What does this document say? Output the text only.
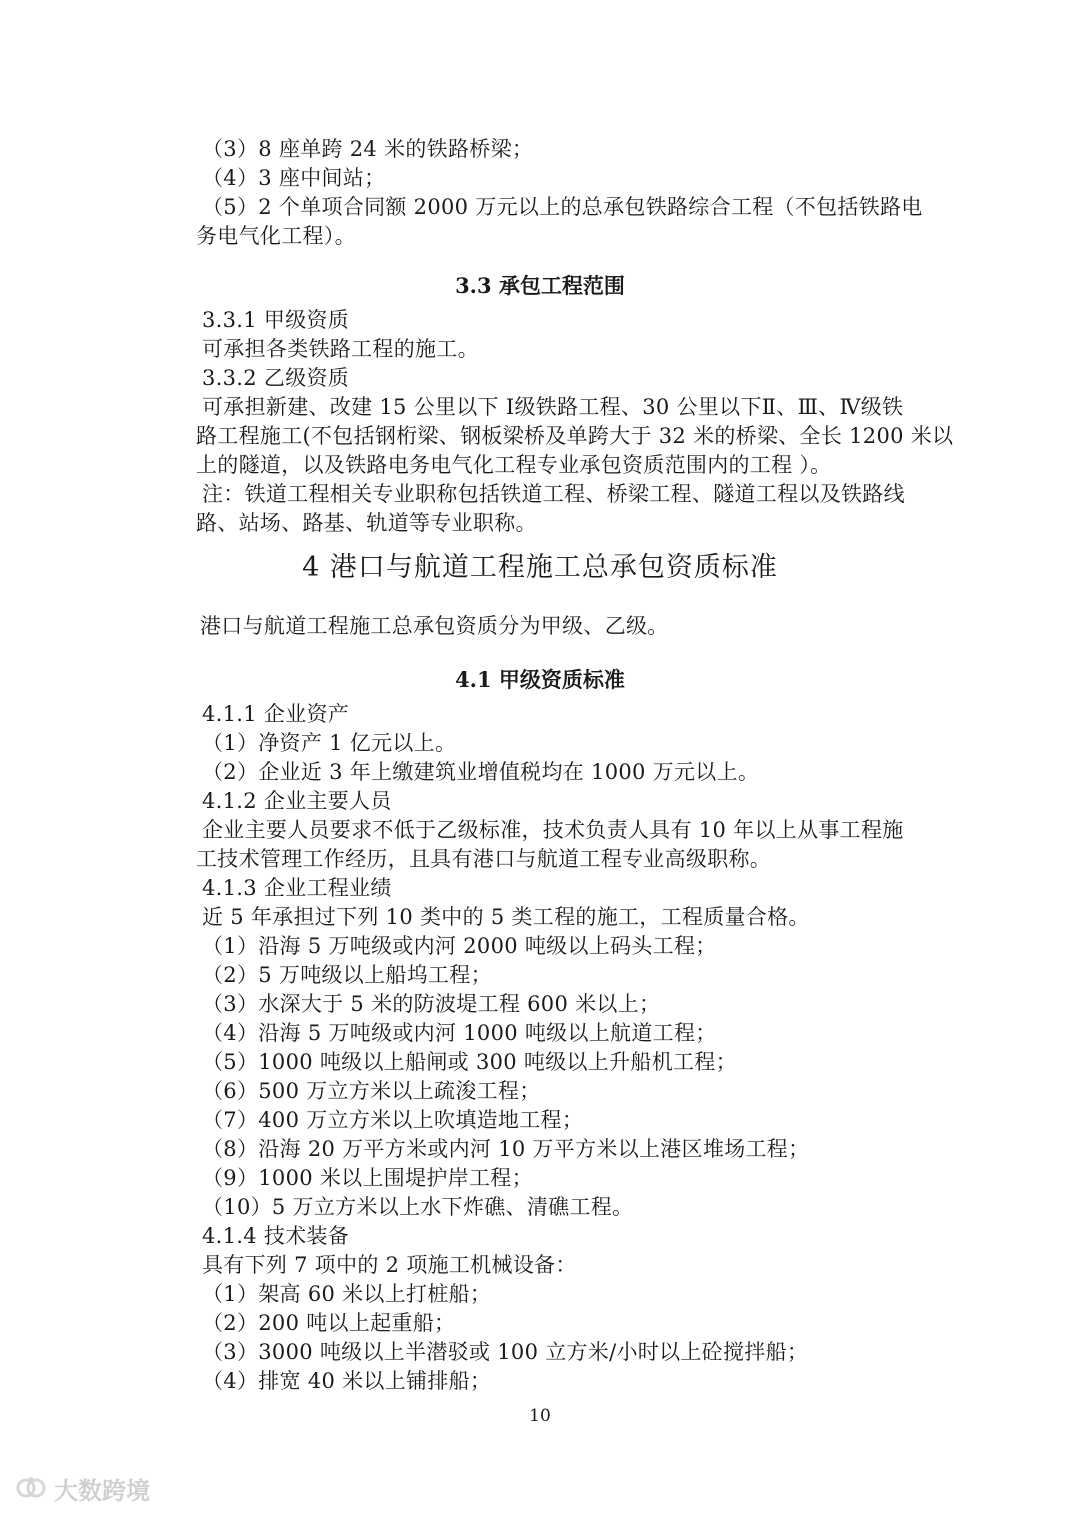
（3）8 座单跨 24 米的铁路桥梁；
（4）3 座中间站；
（5）2 个单项合同额 2000 万元以上的总承包铁路综合工程（不包括铁路电
务电气化工程）。
3.3 承包工程范围
3.3.1 甲级资质
可承担各类铁路工程的施工。
3.3.2 乙级资质
可承担新建、改建 15 公里以下 Ⅰ级铁路工程、30 公里以下Ⅱ、Ⅲ、Ⅳ级铁
路工程施工(不包括钢桁梁、钢板梁桥及单跨大于 32 米的桥梁、全长 1200 米以
上的隧道，以及铁路电务电气化工程专业承包资质范围内的工程 ）。
注：铁道工程相关专业职称包括铁道工程、桥梁工程、隧道工程以及铁路线
路、站场、路基、轨道等专业职称。
4 港口与航道工程施工总承包资质标准
港口与航道工程施工总承包资质分为甲级、乙级。
4.1 甲级资质标准
4.1.1 企业资产
（1）净资产 1 亿元以上。
（2）企业近 3 年上缴建筑业增值税均在 1000 万元以上。
4.1.2 企业主要人员
企业主要人员要求不低于乙级标准，技术负责人具有 10 年以上从事工程施
工技术管理工作经历，且具有港口与航道工程专业高级职称。
4.1.3 企业工程业绩
近 5 年承担过下列 10 类中的 5 类工程的施工，工程质量合格。
（1）沿海 5 万吨级或内河 2000 吨级以上码头工程；
（2）5 万吨级以上船坞工程；
（3）水深大于 5 米的防波堤工程 600 米以上；
（4）沿海 5 万吨级或内河 1000 吨级以上航道工程；
（5）1000 吨级以上船闸或 300 吨级以上升船机工程；
（6）500 万立方米以上疏浚工程；
（7）400 万立方米以上吹填造地工程；
（8）沿海 20 万平方米或内河 10 万平方米以上港区堆场工程；
（9）1000 米以上围堤护岸工程；
（10）5 万立方米以上水下炸礁、清礁工程。
4.1.4 技术装备
具有下列 7 项中的 2 项施工机械设备：
（1）架高 60 米以上打桩船；
（2）200 吨以上起重船；
（3）3000 吨级以上半潜驳或 100 立方米/小时以上砼搅拌船；
（4）排宽 40 米以上铺排船；
10
大数跨境
